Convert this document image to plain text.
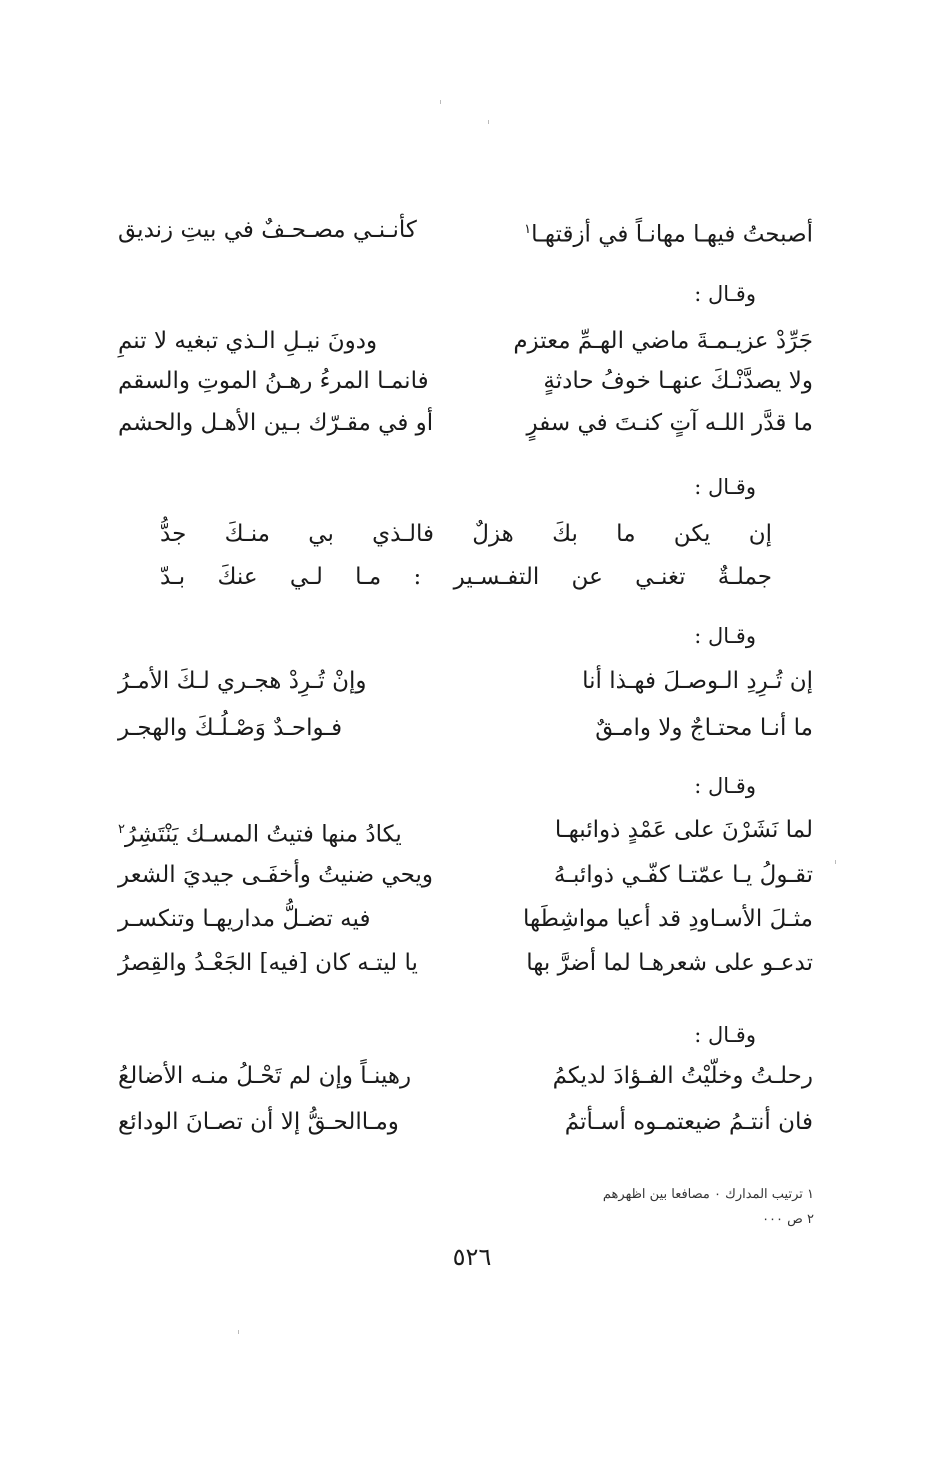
أصبحتُ فيهـا مهانـاً في أزقتهـا$^١$
كأنـنـي مصـحـفٌ في بيتِ زنديق
وقـال :
جَرِّدْ عزيـمـةَ ماضي الهـمِّ معتزم
ودونَ نيـلِ الـذي تبغيه لا تنمِ
ولا يصدَّنْـكَ عنهـا خوفُ حادثةٍ
فانمـا المرءُ رهـنُ الموتِ والسقم
ما قدَّر اللـه آتٍ كنـتَ في سفرٍ
أو في مقـرّك بـين الأهـل والحشم
وقـال :
إن يكن ما بكَ هزلٌ فالـذي بي منـكَ جدُّ
جملـةٌ تغنـي عن التفـسـير : مـا لـي عنكَ بـدّ
وقـال :
إن تُـرِدِ الـوصـلَ فهـذا أنا
وإنْ تُـرِدْ هجـري لـكَ الأمـرُ
ما أنـا محتـاجٌ ولا وامـقٌ
فـواحـدٌ وَصْـلُـكَ والهجـر
وقـال :
لما نَشَرْنَ على عَمْدٍ ذوائبهـا
يكادُ منها فتيتُ المسـك يَنْتَشِرُ$^٢$
تقـولُ يـا عمّتـا كفّـي ذوائبـهُ
ويحي ضنيتُ وأخفَـى جيديَ الشعر
مثـلَ الأسـاودِ قد أعيا مواشِطَها
فيه تضـلُّ مداريهـا وتنكسـر
تدعـو على شعرهـا لما أضرَّ بها
يا ليتـه كان [فيه] الجَعْـدُ والقِصرُ
وقـال :
رحلـتُ وخلّيْتُ الفـؤادَ لديكمُ
رهينـاً وإن لم تَحْـلُ منـه الأضالعُ
فان أنتـمُ ضيعتمـوه أسـأتمُ
ومـاالحـقُّ إلا أن تصـانَ الودائع
١ ترتيب المدارك ٠ مصافعا بين اظهرهم
٢ ص ٠٠٠
٥٢٦
